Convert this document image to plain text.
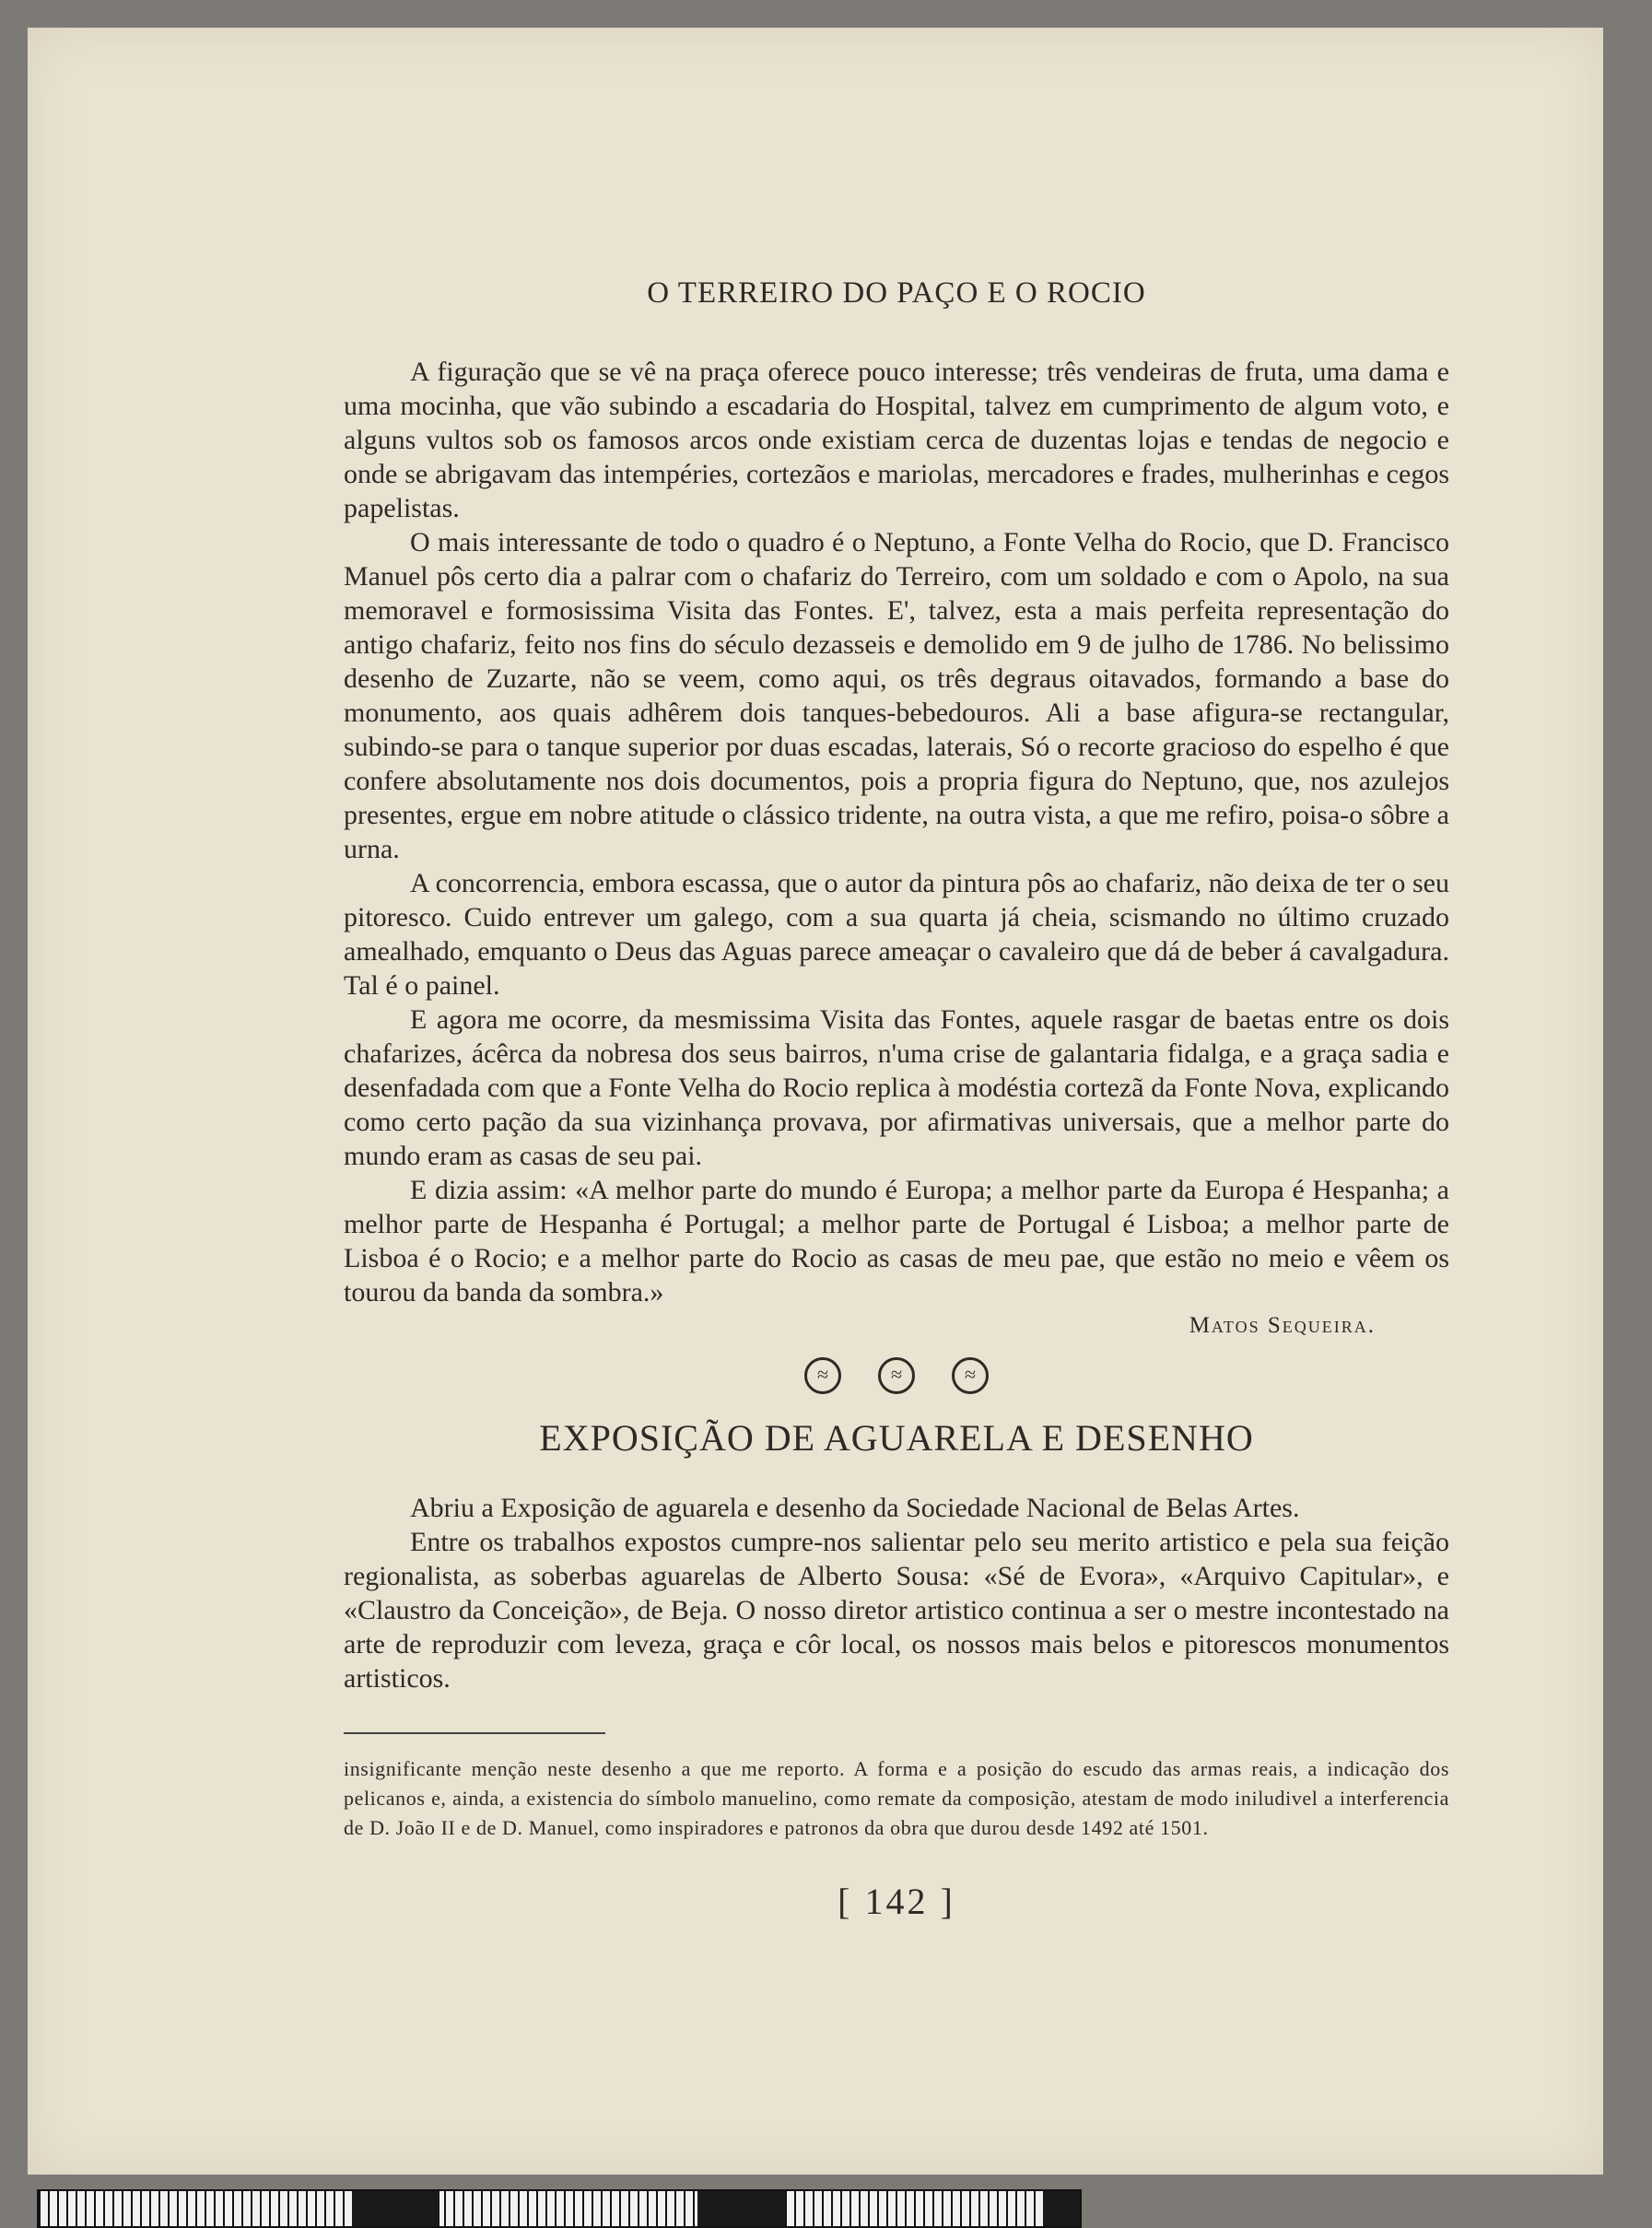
O TERREIRO DO PAÇO E O ROCIO

A figuração que se vê na praça oferece pouco interesse; três vendeiras de fruta, uma dama e uma mocinha, que vão subindo a escadaria do Hospital, talvez em cumprimento de algum voto, e alguns vultos sob os famosos arcos onde existiam cerca de duzentas lojas e tendas de negocio e onde se abrigavam das intempéries, cortezãos e mariolas, mercadores e frades, mulherinhas e cegos papelistas.

O mais interessante de todo o quadro é o Neptuno, a Fonte Velha do Rocio, que D. Francisco Manuel pôs certo dia a palrar com o chafariz do Terreiro, com um soldado e com o Apolo, na sua memoravel e formosissima Visita das Fontes. E', talvez, esta a mais perfeita representação do antigo chafariz, feito nos fins do século dezasseis e demolido em 9 de julho de 1786. No belissimo desenho de Zuzarte, não se veem, como aqui, os três degraus oitavados, formando a base do monumento, aos quais adhêrem dois tanques-bebedouros. Ali a base afigura-se rectangular, subindo-se para o tanque superior por duas escadas, laterais, Só o recorte gracioso do espelho é que confere absolutamente nos dois documentos, pois a propria figura do Neptuno, que, nos azulejos presentes, ergue em nobre atitude o clássico tridente, na outra vista, a que me refiro, poisa-o sôbre a urna.

A concorrencia, embora escassa, que o autor da pintura pôs ao chafariz, não deixa de ter o seu pitoresco. Cuido entrever um galego, com a sua quarta já cheia, scismando no último cruzado amealhado, emquanto o Deus das Aguas parece ameaçar o cavaleiro que dá de beber á cavalgadura. Tal é o painel.

E agora me ocorre, da mesmissima Visita das Fontes, aquele rasgar de baetas entre os dois chafarizes, ácêrca da nobresa dos seus bairros, n'uma crise de galantaria fidalga, e a graça sadia e desenfadada com que a Fonte Velha do Rocio replica à modéstia cortezã da Fonte Nova, explicando como certo pação da sua vizinhança provava, por afirmativas universais, que a melhor parte do mundo eram as casas de seu pai.

E dizia assim: «A melhor parte do mundo é Europa; a melhor parte da Europa é Hespanha; a melhor parte de Hespanha é Portugal; a melhor parte de Portugal é Lisboa; a melhor parte de Lisboa é o Rocio; e a melhor parte do Rocio as casas de meu pae, que estão no meio e vêem os tourou da banda da sombra.»

Matos Sequeira.
≈	≈	≈
EXPOSIÇÃO DE AGUARELA E DESENHO

Abriu a Exposição de aguarela e desenho da Sociedade Nacional de Belas Artes.

Entre os trabalhos expostos cumpre-nos salientar pelo seu merito artistico e pela sua feição regionalista, as soberbas aguarelas de Alberto Sousa: «Sé de Evora», «Arquivo Capitular», e «Claustro da Conceição», de Beja. O nosso diretor artistico continua a ser o mestre incontestado na arte de reproduzir com leveza, graça e côr local, os nossos mais belos e pitorescos monumentos artisticos.

insignificante menção neste desenho a que me reporto. A forma e a posição do escudo das armas reais, a indicação dos pelicanos e, ainda, a existencia do símbolo manuelino, como remate da composição, atestam de modo iniludivel a interferencia de D. João II e de D. Manuel, como inspiradores e patronos da obra que durou desde 1492 até 1501.

[ 142 ]
